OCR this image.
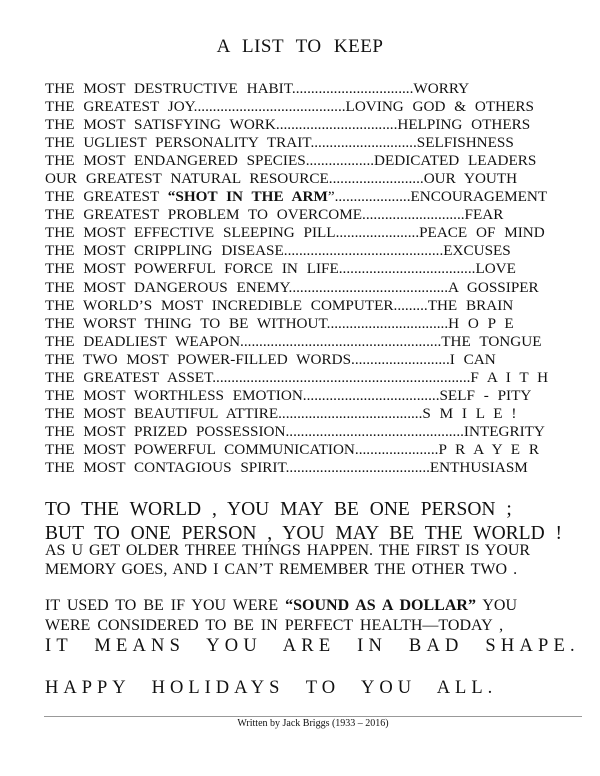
A LIST TO KEEP
THE MOST DESTRUCTIVE HABIT................................WORRY
THE GREATEST JOY........................................LOVING GOD & OTHERS
THE MOST SATISFYING WORK................................HELPING OTHERS
THE UGLIEST PERSONALITY TRAIT............................SELFISHNESS
THE MOST ENDANGERED SPECIES..................DEDICATED LEADERS
OUR GREATEST NATURAL RESOURCE.........................OUR YOUTH
THE GREATEST “SHOT IN THE ARM”....................ENCOURAGEMENT
THE GREATEST PROBLEM TO OVERCOME...........................FEAR
THE MOST EFFECTIVE SLEEPING PILL......................PEACE OF MIND
THE MOST CRIPPLING DISEASE..........................................EXCUSES
THE MOST POWERFUL FORCE IN LIFE....................................LOVE
THE MOST DANGEROUS ENEMY..........................................A GOSSIPER
THE WORLD’S MOST INCREDIBLE COMPUTER.........THE BRAIN
THE WORST THING TO BE WITHOUT................................H O P E
THE DEADLIEST WEAPON.....................................................THE TONGUE
THE TWO MOST POWER-FILLED WORDS..........................I CAN
THE GREATEST ASSET....................................................................F A I T H
THE MOST WORTHLESS EMOTION....................................SELF - PITY
THE MOST BEAUTIFUL ATTIRE......................................S M I L E !
THE MOST PRIZED POSSESSION...............................................INTEGRITY
THE MOST POWERFUL COMMUNICATION......................P R A Y E R
THE MOST CONTAGIOUS SPIRIT......................................ENTHUSIASM
TO THE WORLD , YOU MAY BE ONE PERSON ;
BUT TO ONE PERSON , YOU MAY BE THE WORLD !
AS U GET OLDER THREE THINGS HAPPEN. THE FIRST IS YOUR
MEMORY GOES, AND I CAN’T REMEMBER THE OTHER TWO .
IT USED TO BE IF YOU WERE “SOUND AS A DOLLAR” YOU
WERE CONSIDERED TO BE IN PERFECT HEALTH—TODAY ,
IT MEANS YOU ARE IN BAD SHAPE.
HAPPY HOLIDAYS TO YOU ALL.
Written by Jack Briggs (1933 – 2016)
